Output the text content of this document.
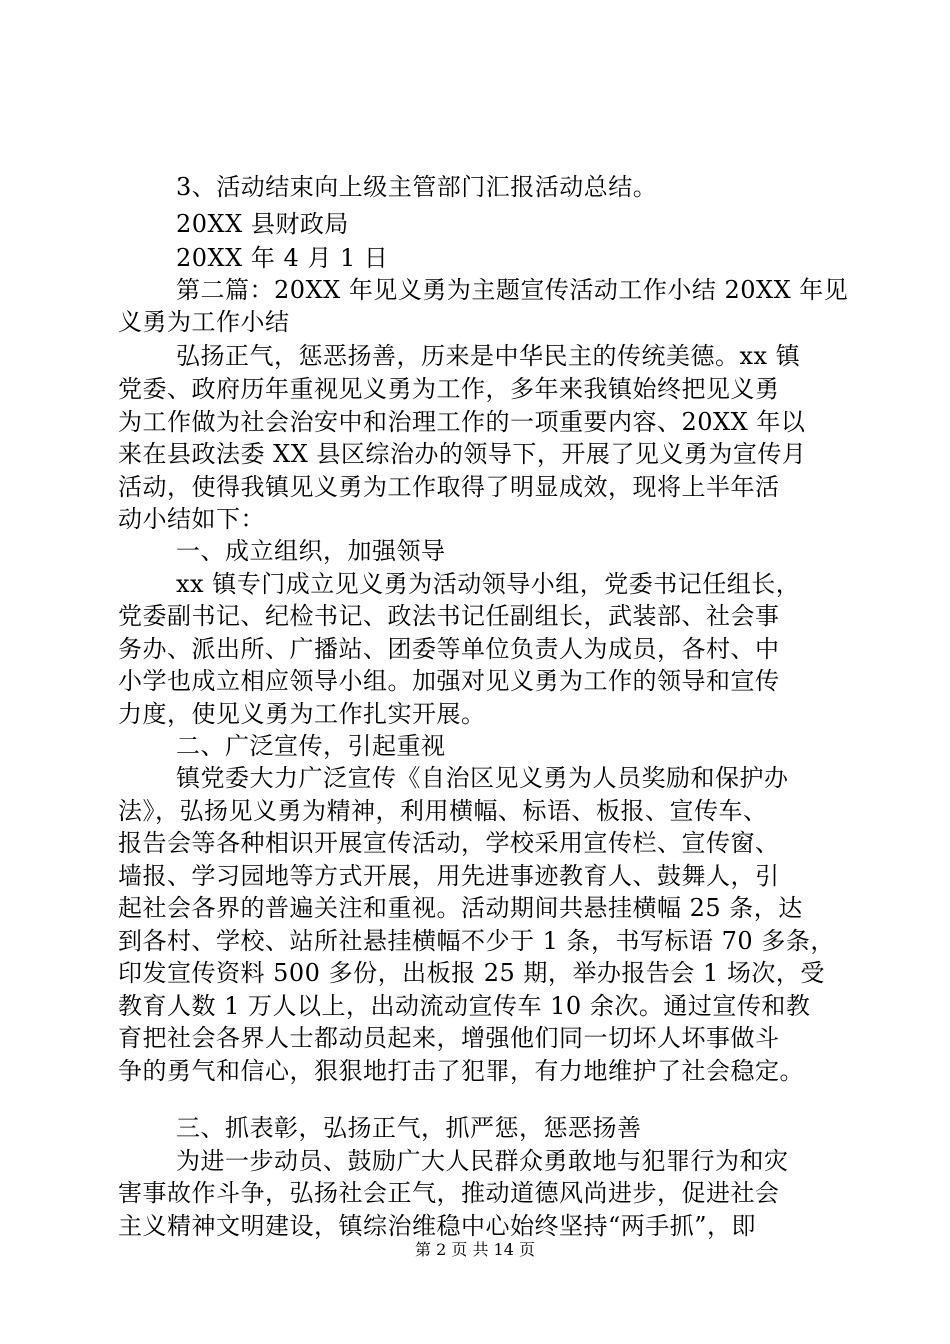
3、活动结束向上级主管部门汇报活动总结。
20XX 县财政局
20XX 年 4 月 1 日
第二篇：20XX 年见义勇为主题宣传活动工作小结 20XX 年见
义勇为工作小结
弘扬正气，惩恶扬善，历来是中华民主的传统美德。xx 镇
党委、政府历年重视见义勇为工作，多年来我镇始终把见义勇
为工作做为社会治安中和治理工作的一项重要内容、20XX 年以
来在县政法委 XX 县区综治办的领导下，开展了见义勇为宣传月
活动，使得我镇见义勇为工作取得了明显成效，现将上半年活
动小结如下：
一、成立组织，加强领导
xx 镇专门成立见义勇为活动领导小组，党委书记任组长，
党委副书记、纪检书记、政法书记任副组长，武装部、社会事
务办、派出所、广播站、团委等单位负责人为成员，各村、中
小学也成立相应领导小组。加强对见义勇为工作的领导和宣传
力度，使见义勇为工作扎实开展。
二、广泛宣传，引起重视
镇党委大力广泛宣传《自治区见义勇为人员奖励和保护办
法》，弘扬见义勇为精神，利用横幅、标语、板报、宣传车、
报告会等各种相识开展宣传活动，学校采用宣传栏、宣传窗、
墙报、学习园地等方式开展，用先进事迹教育人、鼓舞人，引
起社会各界的普遍关注和重视。活动期间共悬挂横幅 25 条，达
到各村、学校、站所社悬挂横幅不少于 1 条，书写标语 70 多条，
印发宣传资料 500 多份，出板报 25 期，举办报告会 1 场次，受
教育人数 1 万人以上，出动流动宣传车 10 余次。通过宣传和教
育把社会各界人士都动员起来，增强他们同一切坏人坏事做斗
争的勇气和信心，狠狠地打击了犯罪，有力地维护了社会稳定。
三、抓表彰，弘扬正气，抓严惩，惩恶扬善
为进一步动员、鼓励广大人民群众勇敢地与犯罪行为和灾
害事故作斗争，弘扬社会正气，推动道德风尚进步，促进社会
主义精神文明建设，镇综治维稳中心始终坚持“两手抓”，即
第 2 页 共 14 页
